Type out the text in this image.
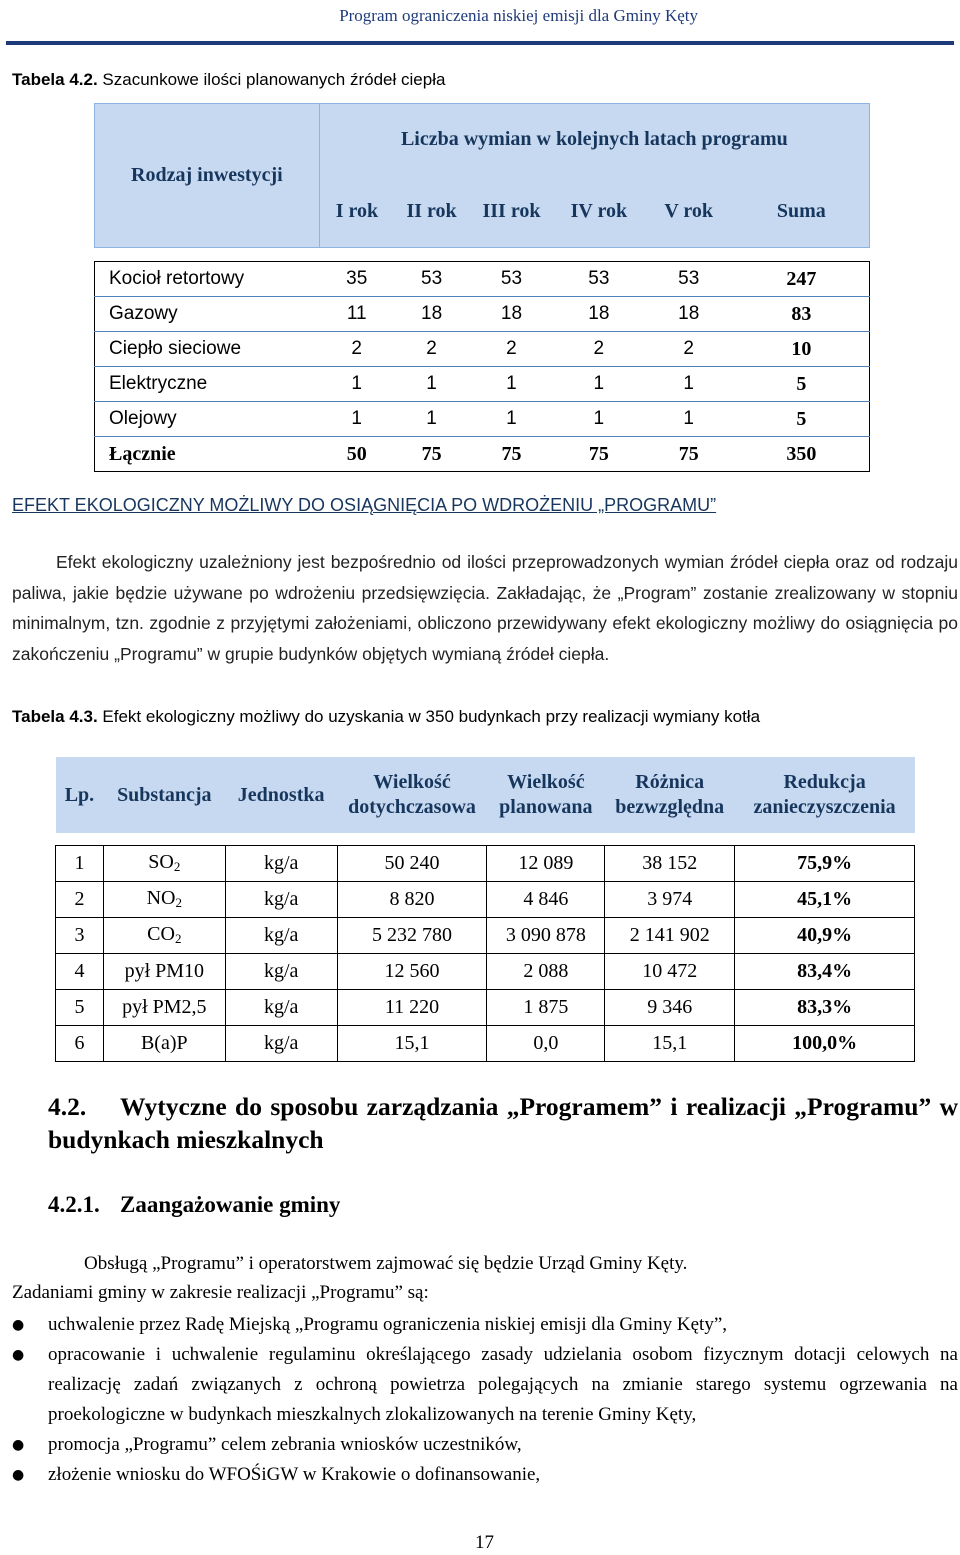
Program ograniczenia niskiej emisji dla Gminy Kęty
Tabela 4.2. Szacunkowe ilości planowanych źródeł ciepła
Rodzaj inwestycji	Liczba wymian w kolejnych latach programu					
	I rok	II rok	III rok	IV rok	V rok	Suma

Kocioł retortowy	35	53	53	53	53	247
Gazowy	11	18	18	18	18	83
Ciepło sieciowe	2	2	2	2	2	10
Elektryczne	1	1	1	1	1	5
Olejowy	1	1	1	1	1	5
Łącznie	50	75	75	75	75	350
EFEKT EKOLOGICZNY MOŻLIWY DO OSIĄGNIĘCIA PO WDROŻENIU „PROGRAMU”
Efekt ekologiczny uzależniony jest bezpośrednio od ilości przeprowadzonych wymian źródeł ciepła oraz od rodzaju paliwa, jakie będzie używane po wdrożeniu przedsięwzięcia. Zakładając, że „Program” zostanie zrealizowany w stopniu minimalnym, tzn. zgodnie z przyjętymi założeniami, obliczono przewidywany efekt ekologiczny możliwy do osiągnięcia po zakończeniu „Programu” w grupie budynków objętych wymianą źródeł ciepła.
Tabela 4.3. Efekt ekologiczny możliwy do uzyskania w 350 budynkach przy realizacji wymiany kotła
Lp.	Substancja	Jednostka	Wielkość dotychczasowa	Wielkość planowana	Różnica bezwzględna	Redukcja zanieczyszczenia

1	$SO_2$	kg/a	50 240	12 089	38 152	75,9%
2	$NO_2$	kg/a	8 820	4 846	3 974	45,1%
3	$CO_2$	kg/a	5 232 780	3 090 878	2 141 902	40,9%
4	pył PM10	kg/a	12 560	2 088	10 472	83,4%
5	pył PM2,5	kg/a	11 220	1 875	9 346	83,3%
6	B(a)P	kg/a	15,1	0,0	15,1	100,0%
4.2. Wytyczne do sposobu zarządzania „Programem” i realizacji „Programu” w budynkach mieszkalnych
4.2.1. Zaangażowanie gminy
Obsługą „Programu” i operatorstwem zajmować się będzie Urząd Gminy Kęty.
Zadaniami gminy w zakresie realizacji „Programu” są:
●	uchwalenie przez Radę Miejską „Programu ograniczenia niskiej emisji dla Gminy Kęty”,
●	opracowanie i uchwalenie regulaminu określającego zasady udzielania osobom fizycznym dotacji celowych na realizację zadań związanych z ochroną powietrza polegających na zmianie starego systemu ogrzewania na proekologiczne w budynkach mieszkalnych zlokalizowanych na terenie Gminy Kęty,
●	promocja „Programu” celem zebrania wniosków uczestników,
●	złożenie wniosku do WFOŚiGW w Krakowie o dofinansowanie,
17
